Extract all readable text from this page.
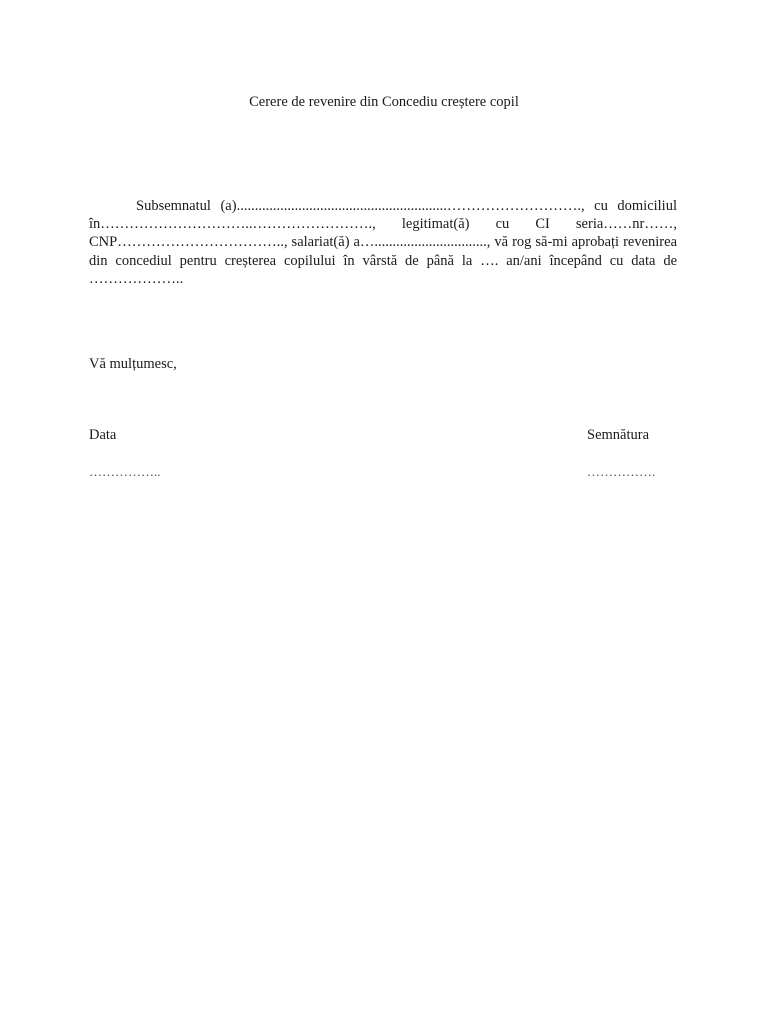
Cerere de revenire din Concediu creștere copil

Subsemnatul (a)..........................................................………………………., cu domiciliul în…………………………..……………………., legitimat(ă) cu CI seria……nr……, CNP…………………………….., salariat(ă) a…..............................., vă rog să-mi aprobați revenirea din concediul pentru creșterea copilului în vârstă de până la …. an/ani începând cu data de ………………..

Vă mulțumesc,
Data	Semnătura
……………..	…………….
